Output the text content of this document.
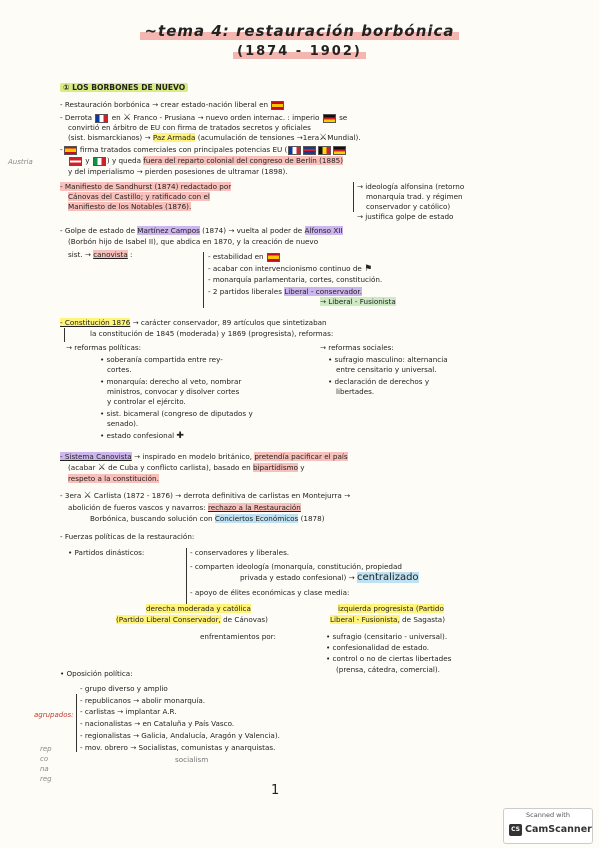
~tema 4: restauración borbónica
(1874 - 1902)
① LOS BORBONES DE NUEVO
- Restauración borbónica → crear estado-nación liberal en
- Derrota	en ⚔ Franco - Prusiana → nuevo orden internac. : imperio	se
convirtió en árbitro de EU con firma de tratados secretos y oficiales
(sist. bismarckianos) → Paz Armada (acumulación de tensiones →1era⚔Mundial).
- firma tratados comerciales con principales potencias EU (
Austria	y ) y queda fuera del reparto colonial del congreso de Berlín (1885)
y del imperialismo → pierden posesiones de ultramar (1898).
- Manifiesto de Sandhurst (1874) redactado por	→ ideología alfonsina (retorno
Cánovas del Castillo; y ratificado con el	monarquía trad. y régimen
Manifiesto de los Notables (1876).	conservador y católico)
→ justifica golpe de estado
- Golpe de estado de Martínez Campos (1874) → vuelta al poder de Alfonso XII
(Borbón hijo de Isabel II), que abdica en 1870, y la creación de nuevo
sist. → canovista :	- estabilidad en
- acabar con intervencionismo continuo de ⚑
- monarquía parlamentaria, cortes, constitución.
- 2 partidos liberales Liberal - conservador.
→ Liberal - Fusionista
- Constitución 1876 → carácter conservador, 89 artículos que sintetizaban
la constitución de 1845 (moderada) y 1869 (progresista), reformas:
→ reformas políticas:	→ reformas sociales:
• soberanía compartida entre rey-	• sufragio masculino: alternancia
cortes.	entre censitario y universal.
• monarquía: derecho al veto, nombrar	• declaración de derechos y
ministros, convocar y disolver cortes	libertades.
y controlar el ejército.
• sist. bicameral (congreso de diputados y
senado).
• estado confesional ✚
- Sistema Canovista → inspirado en modelo británico, pretendía pacificar el país
(acabar ⚔ de Cuba y conflicto carlista), basado en bipartidismo y
respeto a la constitución.
- 3era ⚔ Carlista (1872 - 1876) → derrota definitiva de carlistas en Montejurra →
abolición de fueros vascos y navarros: rechazo a la Restauración
Borbónica, buscando solución con Conciertos Económicos (1878)
- Fuerzas políticas de la restauración:
• Partidos dinásticos:	- conservadores y liberales.
- comparten ideología (monarquía, constitución, propiedad
privada y estado confesional) → centralizado
- apoyo de élites económicas y clase media:
derecha moderada y católica	izquierda progresista (Partido
(Partido Liberal Conservador, de Cánovas)	Liberal - Fusionista, de Sagasta)
enfrentamientos por:	• sufragio (censitario - universal).
• confesionalidad de estado.
• control o no de ciertas libertades
(prensa, cátedra, comercial).
• Oposición política:
- grupo diverso y amplio
- republicanos → abolir monarquía.
- carlistas → implantar A.R.
- nacionalistas → en Cataluña y País Vasco.
- regionalistas → Galicia, Andalucía, Aragón y Valencia).
- mov. obrero → Socialistas, comunistas y anarquistas.
socialism
agrupados:
rep
co
na
reg
1
Scanned with
CS CamScanner
